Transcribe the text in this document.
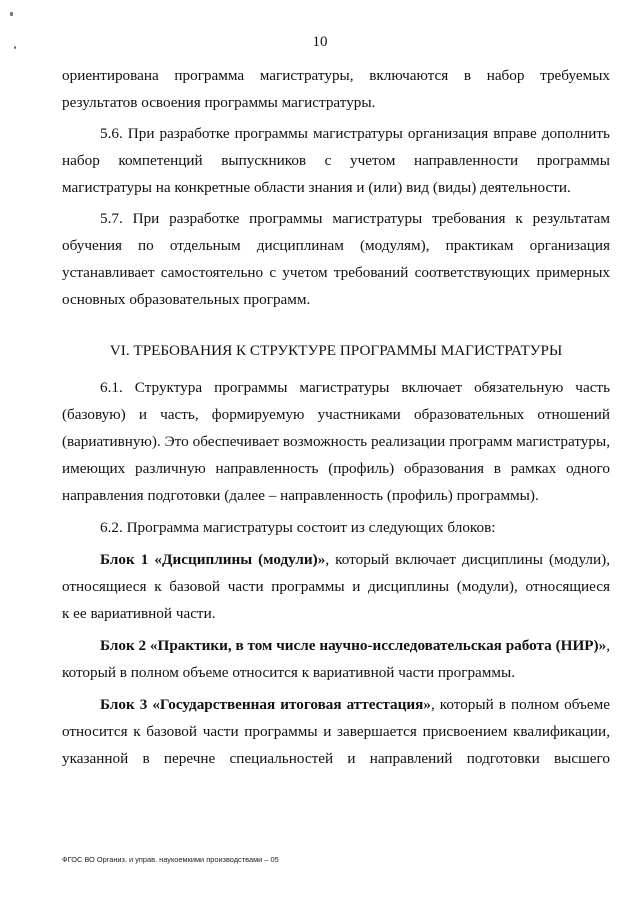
10
ориентирована программа магистратуры, включаются в набор требуемых
результатов освоения программы магистратуры.
5.6. При разработке программы магистратуры организация вправе дополнить
набор компетенций выпускников с учетом направленности программы
магистратуры на конкретные области знания и (или) вид (виды) деятельности.
5.7. При разработке программы магистратуры требования к результатам
обучения по отдельным дисциплинам (модулям), практикам организация
устанавливает самостоятельно с учетом требований соответствующих примерных
основных образовательных программ.
VI. ТРЕБОВАНИЯ К СТРУКТУРЕ ПРОГРАММЫ МАГИСТРАТУРЫ
6.1. Структура программы магистратуры включает обязательную часть
(базовую) и часть, формируемую участниками образовательных отношений
(вариативную). Это обеспечивает возможность реализации программ магистратуры,
имеющих различную направленность (профиль) образования в рамках одного
направления подготовки (далее – направленность (профиль) программы).
6.2. Программа магистратуры состоит из следующих блоков:
Блок 1 «Дисциплины (модули)», который включает дисциплины (модули),
относящиеся к базовой части программы и дисциплины (модули), относящиеся
к ее вариативной части.
Блок 2 «Практики, в том числе научно-исследовательская работа (НИР)»,
который в полном объеме относится к вариативной части программы.
Блок 3 «Государственная итоговая аттестация», который в полном объеме
относится к базовой части программы и завершается присвоением квалификации,
указанной в перечне специальностей и направлений подготовки высшего
ФГОС ВО Организ. и управ. наукоемкими производствами – 05
